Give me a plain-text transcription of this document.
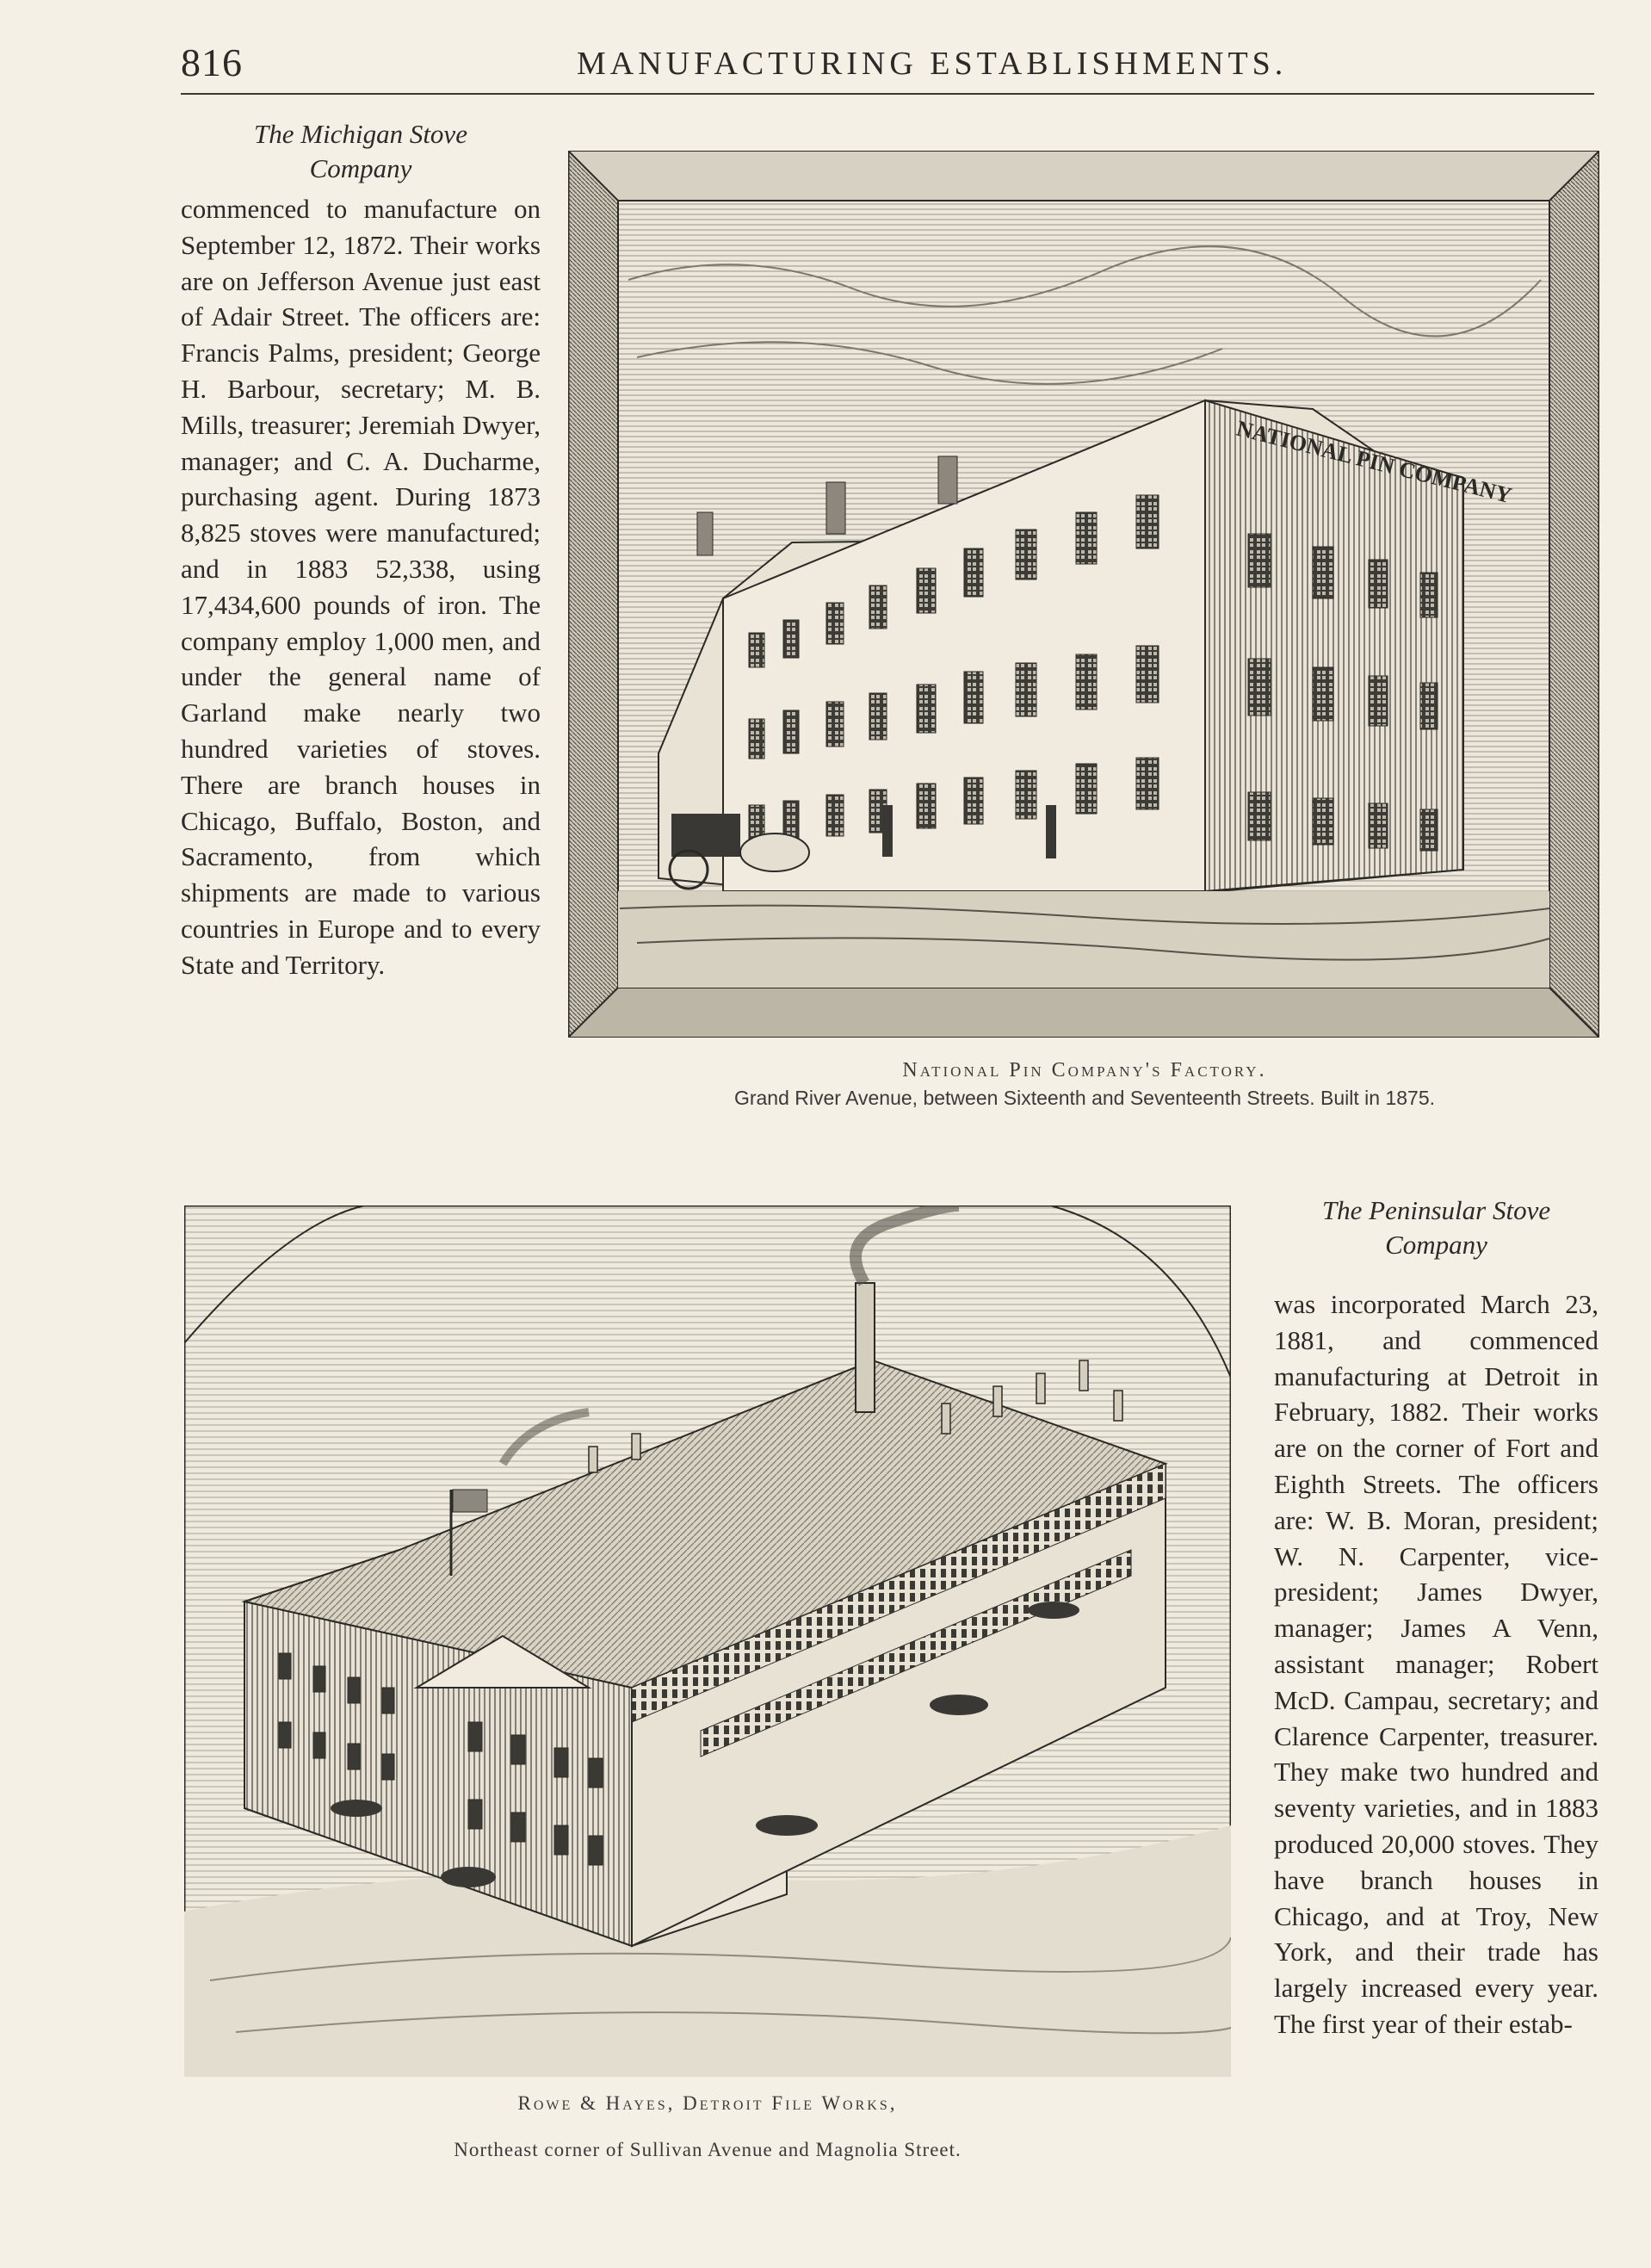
816	MANUFACTURING ESTABLISHMENTS.
The Michigan Stove
Company
commenced to manufacture on September 12, 1872. Their works are on Jefferson Avenue just east of Adair Street. The officers are: Francis Palms, president; George H. Barbour, secretary; M. B. Mills, treasurer; Jeremiah Dwyer, manager; and C. A. Ducharme, purchasing agent. During 1873 8,825 stoves were manufactured; and in 1883 52,338, using 17,434,600 pounds of iron. The company employ 1,000 men, and under the general name of Garland make nearly two hundred varieties of stoves. There are branch houses in Chicago, Buffalo, Boston, and Sacramento, from which shipments are made to various countries in Europe and to every State and Territory.
NATIONAL PIN COMPANY
National Pin Company's Factory.
Grand River Avenue, between Sixteenth and Seventeenth Streets. Built in 1875.
Rowe & Hayes, Detroit File Works,
Northeast corner of Sullivan Avenue and Magnolia Street.
The Peninsular Stove
Company
was incorporated March 23, 1881, and commenced manufacturing at Detroit in February, 1882. Their works are on the corner of Fort and Eighth Streets. The officers are: W. B. Moran, president; W. N. Carpenter, vice-president; James Dwyer, manager; James A Venn, assistant manager; Robert McD. Campau, secretary; and Clarence Carpenter, treasurer. They make two hundred and seventy varieties, and in 1883 produced 20,000 stoves. They have branch houses in Chicago, and at Troy, New York, and their trade has largely increased every year. The first year of their estab-
